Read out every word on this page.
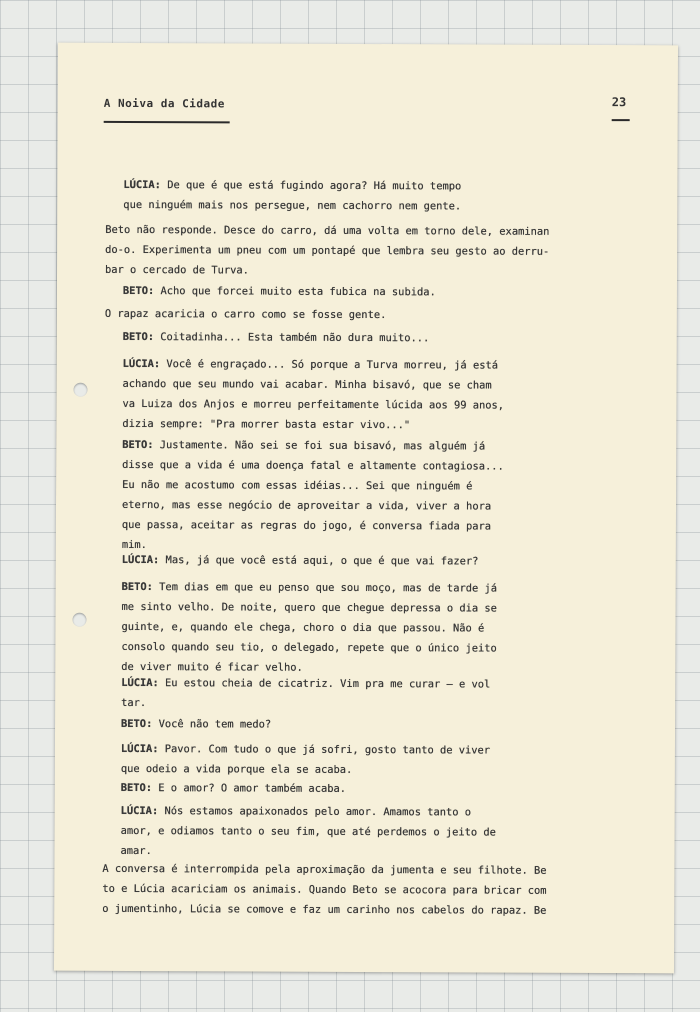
A Noiva da Cidade	23
LÚCIA: De que é que está fugindo agora? Há muito tempo
que ninguém mais nos persegue, nem cachorro nem gente.
Beto não responde. Desce do carro, dá uma volta em torno dele, examinan
do-o. Experimenta um pneu com um pontapé que lembra seu gesto ao derru-
bar o cercado de Turva.
BETO: Acho que forcei muito esta fubica na subida.
O rapaz acaricia o carro como se fosse gente.
BETO: Coitadinha... Esta também não dura muito...
LÚCIA: Você é engraçado... Só porque a Turva morreu, já está
achando que seu mundo vai acabar. Minha bisavó, que se cham
va Luiza dos Anjos e morreu perfeitamente lúcida aos 99 anos,
dizia sempre: "Pra morrer basta estar vivo..."
BETO: Justamente. Não sei se foi sua bisavó, mas alguém já
disse que a vida é uma doença fatal e altamente contagiosa...
Eu não me acostumo com essas idéias... Sei que ninguém é
eterno, mas esse negócio de aproveitar a vida, viver a hora
que passa, aceitar as regras do jogo, é conversa fiada para
mim.
LÚCIA: Mas, já que você está aqui, o que é que vai fazer?
BETO: Tem dias em que eu penso que sou moço, mas de tarde já
me sinto velho. De noite, quero que chegue depressa o dia se
guinte, e, quando ele chega, choro o dia que passou. Não é
consolo quando seu tio, o delegado, repete que o único jeito
de viver muito é ficar velho.
LÚCIA: Eu estou cheia de cicatriz. Vim pra me curar — e vol
tar.
BETO: Você não tem medo?
LÚCIA: Pavor. Com tudo o que já sofri, gosto tanto de viver
que odeio a vida porque ela se acaba.
BETO: E o amor? O amor também acaba.
LÚCIA: Nós estamos apaixonados pelo amor. Amamos tanto o
amor, e odiamos tanto o seu fim, que até perdemos o jeito de
amar.
A conversa é interrompida pela aproximação da jumenta e seu filhote. Be
to e Lúcia acariciam os animais. Quando Beto se acocora para bricar com
o jumentinho, Lúcia se comove e faz um carinho nos cabelos do rapaz. Be
